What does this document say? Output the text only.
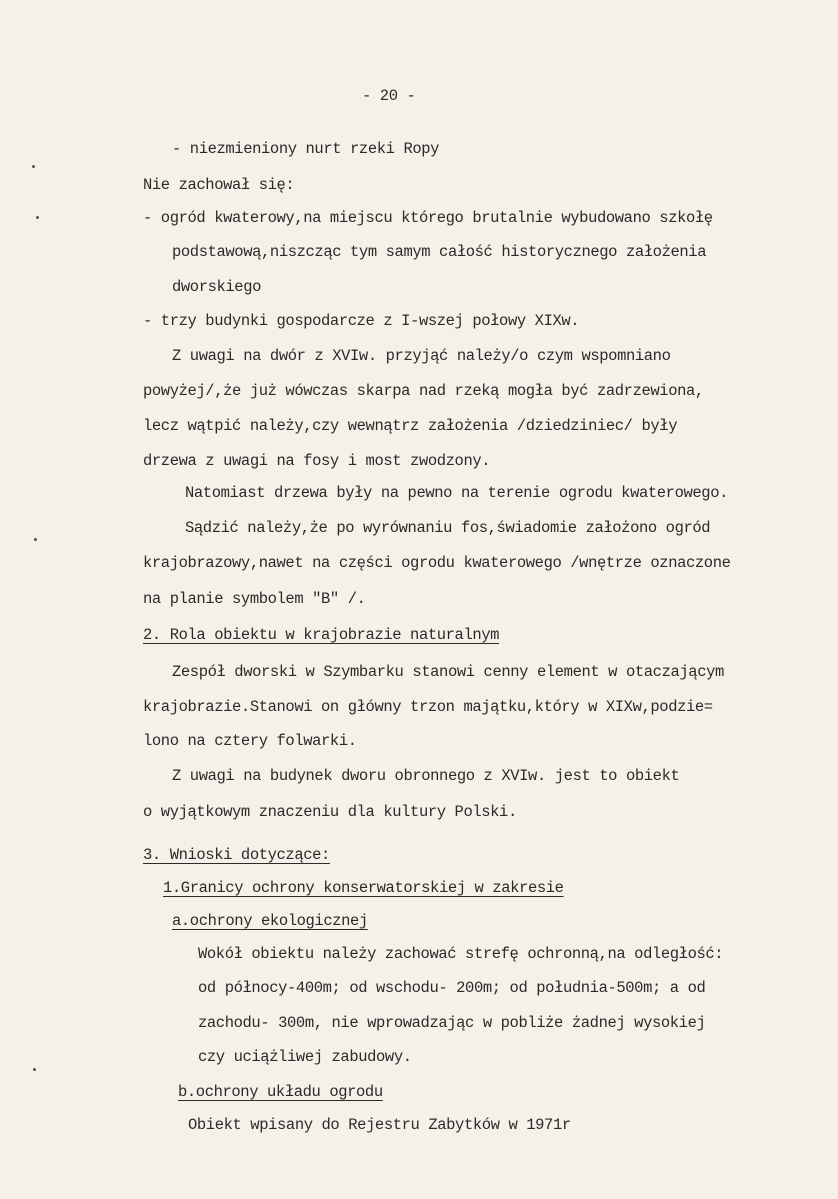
- 20 -
- niezmieniony nurt rzeki Ropy
Nie zachował się:
- ogród kwaterowy,na miejscu którego brutalnie wybudowano szkołę
podstawową,niszcząc tym samym całość historycznego założenia
dworskiego
- trzy budynki gospodarcze z I-wszej połowy XIXw.
Z uwagi na dwór z XVIw. przyjąć należy/o czym wspomniano
powyżej/,że już wówczas skarpa nad rzeką mogła być zadrzewiona,
lecz wątpić należy,czy wewnątrz założenia /dziedziniec/ były
drzewa z uwagi na fosy i most zwodzony.
Natomiast drzewa były na pewno na terenie ogrodu kwaterowego.
Sądzić należy,że po wyrównaniu fos,świadomie założono ogród
krajobrazowy,nawet na części ogrodu kwaterowego /wnętrze oznaczone
na planie symbolem "B" /.
2. Rola obiektu w krajobrazie naturalnym
Zespół dworski w Szymbarku stanowi cenny element w otaczającym
krajobrazie.Stanowi on główny trzon majątku,który w XIXw,podzie=
lono na cztery folwarki.
Z uwagi na budynek dworu obronnego z XVIw. jest to obiekt
o wyjątkowym znaczeniu dla kultury Polski.
3. Wnioski dotyczące:
1.Granicy ochrony konserwatorskiej w zakresie
a.ochrony ekologicznej
Wokół obiektu należy zachować strefę ochronną,na odległość:
od północy-400m; od wschodu- 200m; od południa-500m; a od
zachodu- 300m, nie wprowadzając w pobliże żadnej wysokiej
czy uciążliwej zabudowy.
b.ochrony układu ogrodu
Obiekt wpisany do Rejestru Zabytków w 1971r
